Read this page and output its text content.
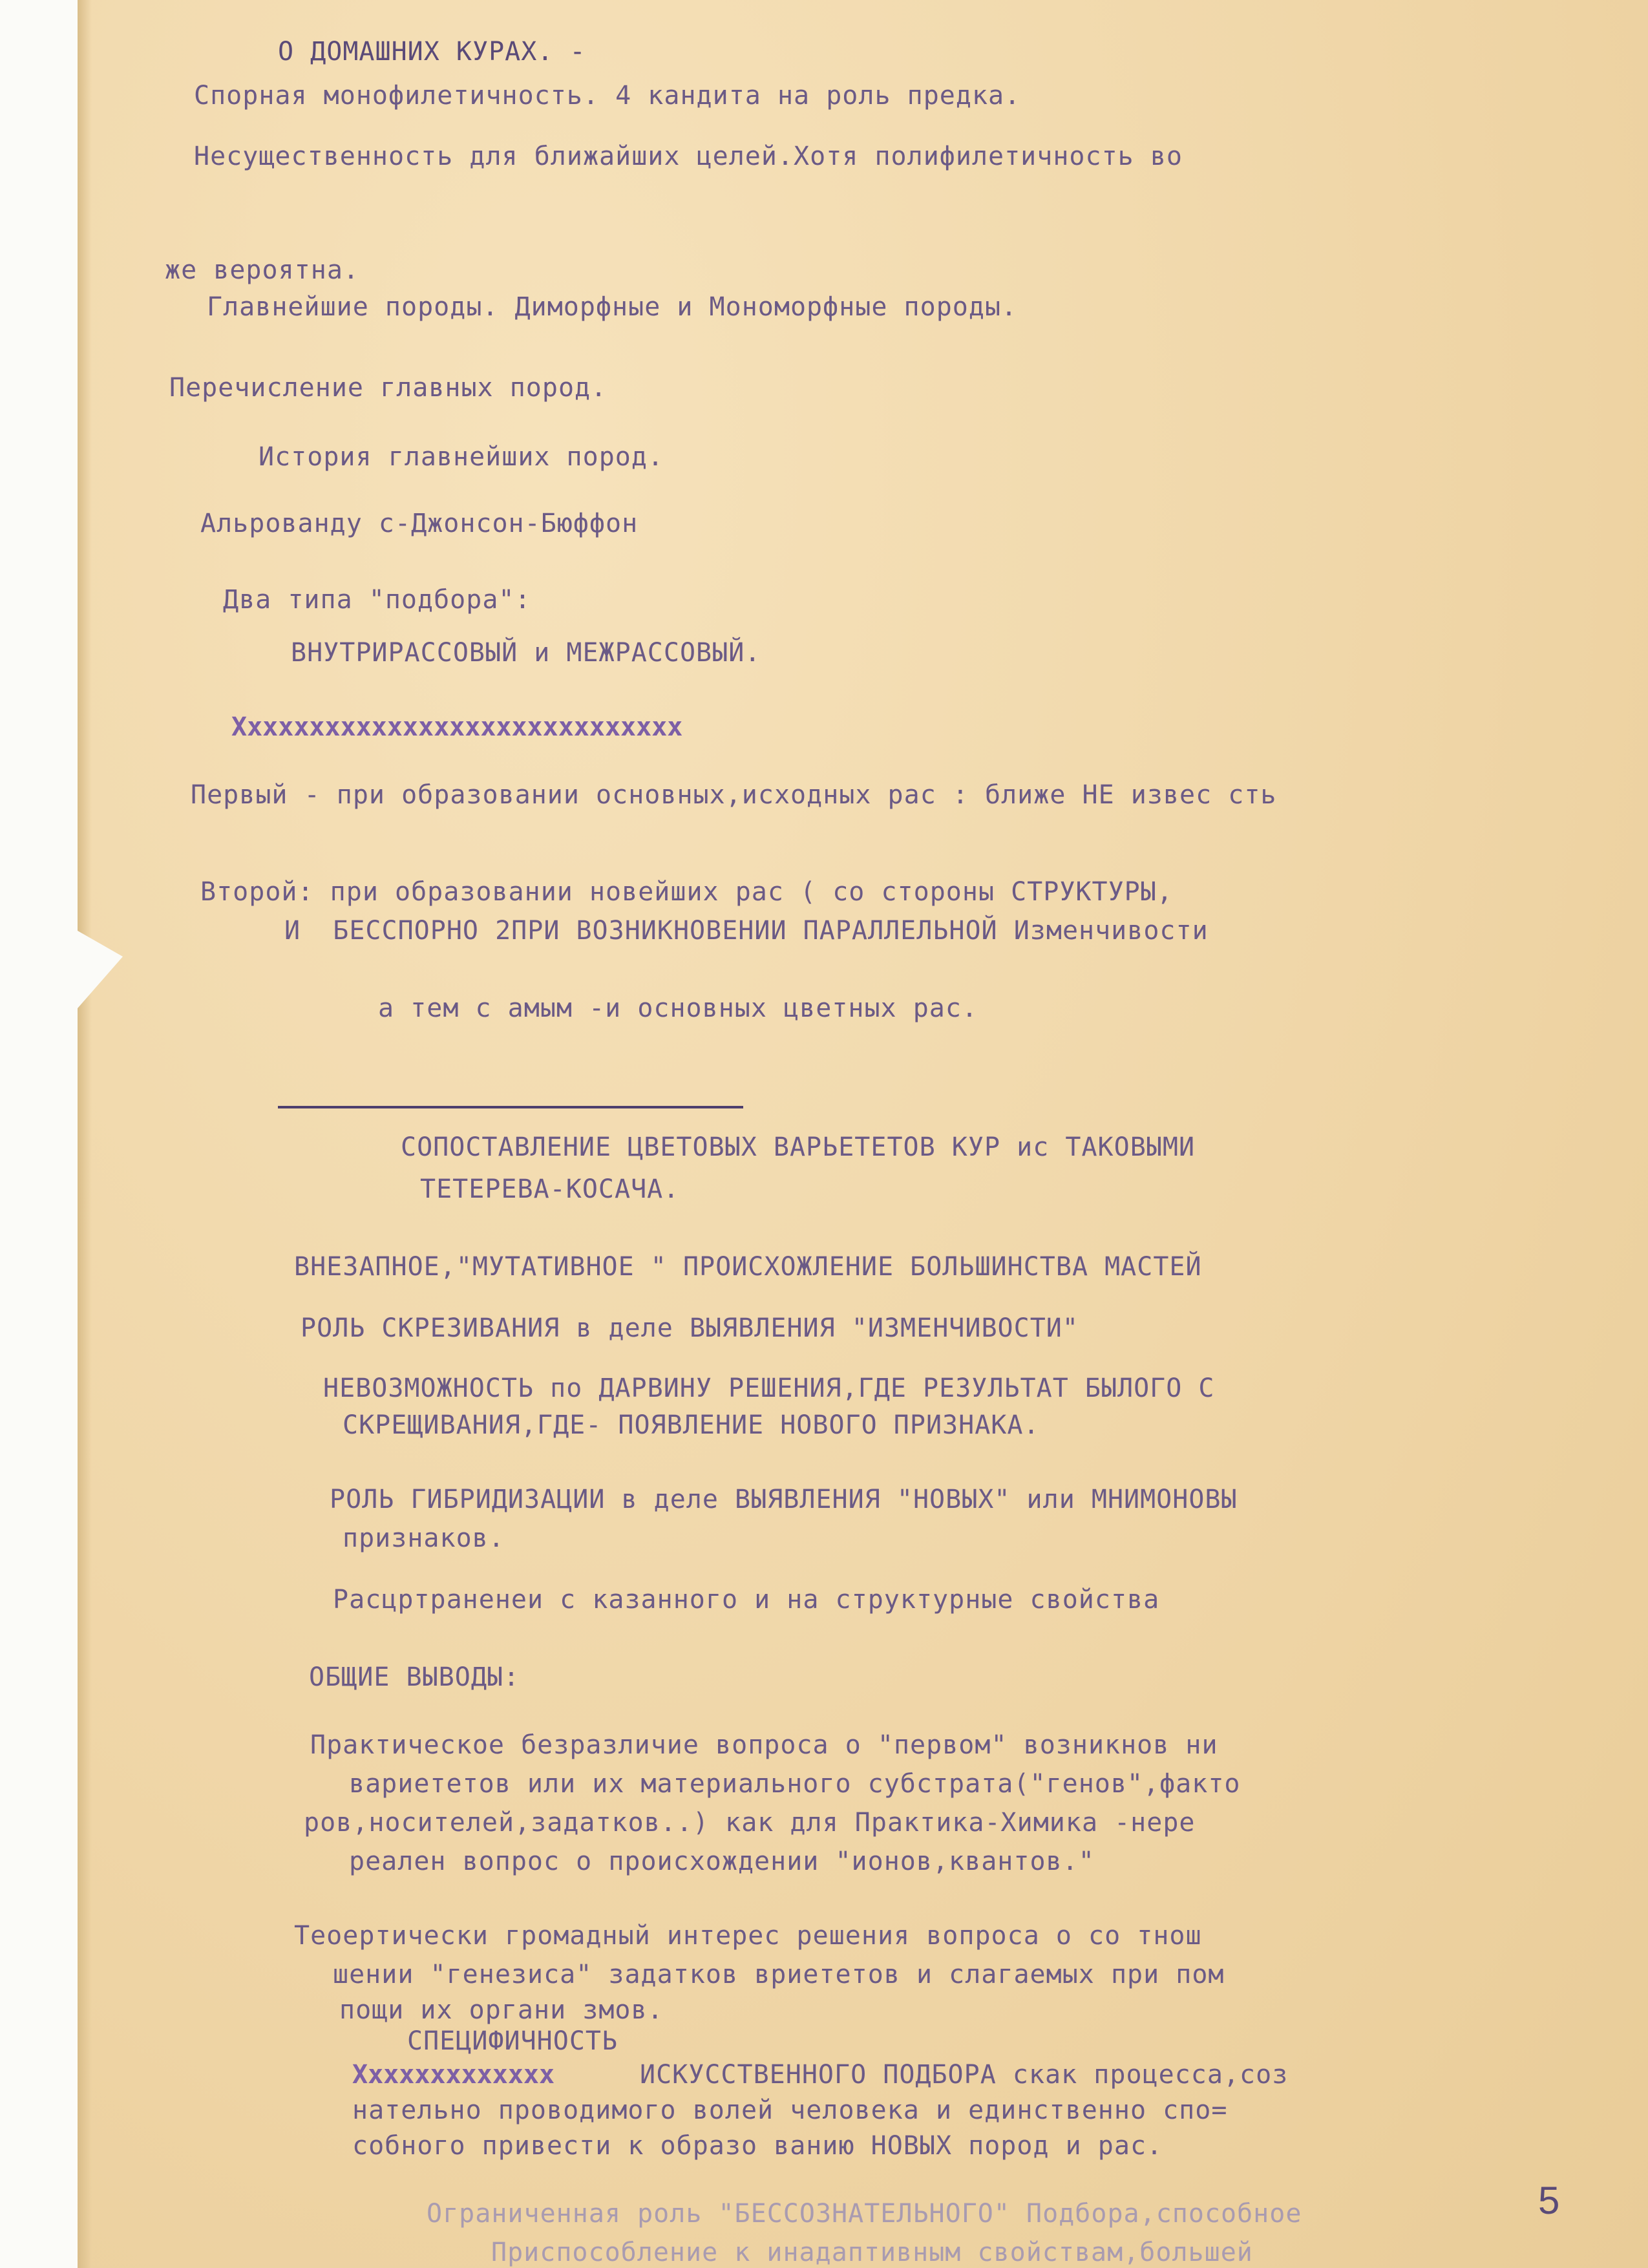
О ДОМАШНИХ КУРАХ. -
Спорная монофилетичность. 4 кандита на роль предка.
Несущественность для ближайших целей.Хотя полифилетичность во
же вероятна.
Главнейшие породы. Диморфные и Мономорфные породы.
Перечисление главных пород.
История главнейших пород.
Альрованду с-Джонсон-Бюффон
Два типа "подбора":
ВНУТРИРАССОВЫЙ и МЕЖРАССОВЫЙ.
Xxxxxxxxxxxxxxxxxxxxxxxxxxxxx
Первый - при образовании основных,исходных рас : ближе НЕ извес сть
Второй: при образовании новейших рас ( со стороны СТРУКТУРЫ,
И  БЕССПОРНО 2ПРИ ВОЗНИКНОВЕНИИ ПАРАЛЛЕЛЬНОЙ Изменчивости
а тем с амым -и основных цветных рас.
СОПОСТАВЛЕНИЕ ЦВЕТОВЫХ ВАРЬЕТЕТОВ КУР ис ТАКОВЫМИ
ТЕТЕРЕВА-КОСАЧА.
ВНЕЗАПНОЕ,"МУТАТИВНОЕ " ПРОИСХОЖЛЕНИЕ БОЛЬШИНСТВА МАСТЕЙ
РОЛЬ СКРЕЗИВАНИЯ в деле ВЫЯВЛЕНИЯ "ИЗМЕНЧИВОСТИ"
НЕВОЗМОЖНОСТЬ по ДАРВИНУ РЕШЕНИЯ,ГДЕ РЕЗУЛЬТАТ БЫЛОГО С
СКРЕЩИВАНИЯ,ГДЕ- ПОЯВЛЕНИЕ НОВОГО ПРИЗНАКА.
РОЛЬ ГИБРИДИЗАЦИИ в деле ВЫЯВЛЕНИЯ "НОВЫХ" или МНИМОНОВЫ
признаков.
Расцртраненеи с казанного и на структурные свойства
ОБЩИЕ ВЫВОДЫ:
Практическое безразличие вопроса о "первом" возникнов ни
вариететов или их материального субстрата("генов",факто
ров,носителей,задатков..) как для Практика-Химика -нере
реален вопрос о происхождении "ионов,квантов."
Теоертически громадный интерес решения вопроса о со тнош
шении "генезиса" задатков вриететов и слагаемых при пом
пощи их органи змов.
СПЕЦИФИЧНОСТЬ
Xxxxxxxxxxxxx	ИСКУССТВЕННОГО ПОДБОРА скак процесса,соз
нательно проводимого волей человека и единственно спо=
собного привести к образо ванию НОВЫХ пород и рас.
Ограниченная роль "БЕССОЗНАТЕЛЬНОГО" Подбора,способное
Приспособление к инадаптивным свойствам,большей
5
